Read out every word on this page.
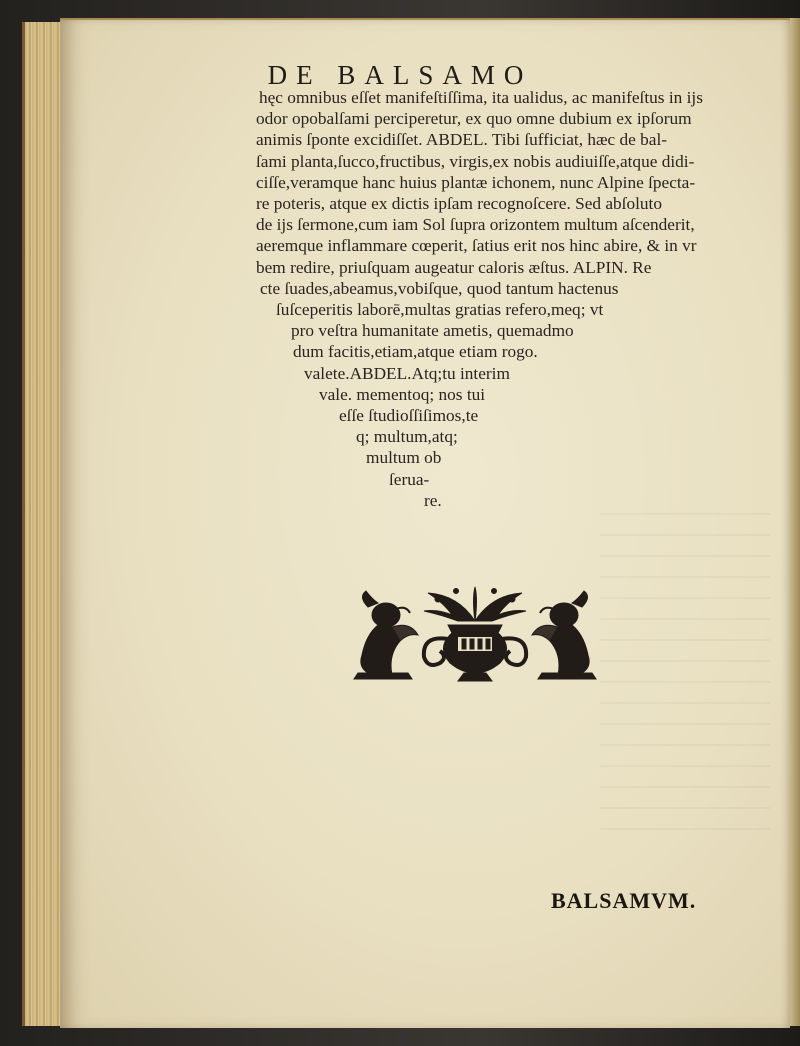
DE BALSAMO
hęc omnibus eſſet manifeſtiſſima, ita ualidus, ac manifeſtus in ijs
odor opobalſami perciperetur, ex quo omne dubium ex ipſorum
animis ſponte excidiſſet. ABDEL. Tibi ſufficiat, hæc de bal-
ſami planta,ſucco,fructibus, virgis,ex nobis audiuiſſe,atque didi-
ciſſe,veramque hanc huius plantæ ichonem, nunc Alpine ſpecta-
re poteris, atque ex dictis ipſam recognoſcere. Sed abſoluto
de ijs ſermone,cum iam Sol ſupra orizontem multum aſcenderit,
aeremque inflammare cœperit, ſatius erit nos hinc abire, & in vr
bem redire, priuſquam augeatur caloris æſtus. ALPIN. Re
cte ſuades,abeamus,vobiſque, quod tantum hactenus
ſuſceperitis laborē,multas gratias refero,meq; vt
pro veſtra humanitate ametis, quemadmo
dum facitis,etiam,atque etiam rogo.
valete.ABDEL.Atq;tu interim
vale. mementoq; nos tui
eſſe ſtudioſſiſimos,te
q; multum,atq;
multum ob
ſerua-
re.
BALSAMVM.
